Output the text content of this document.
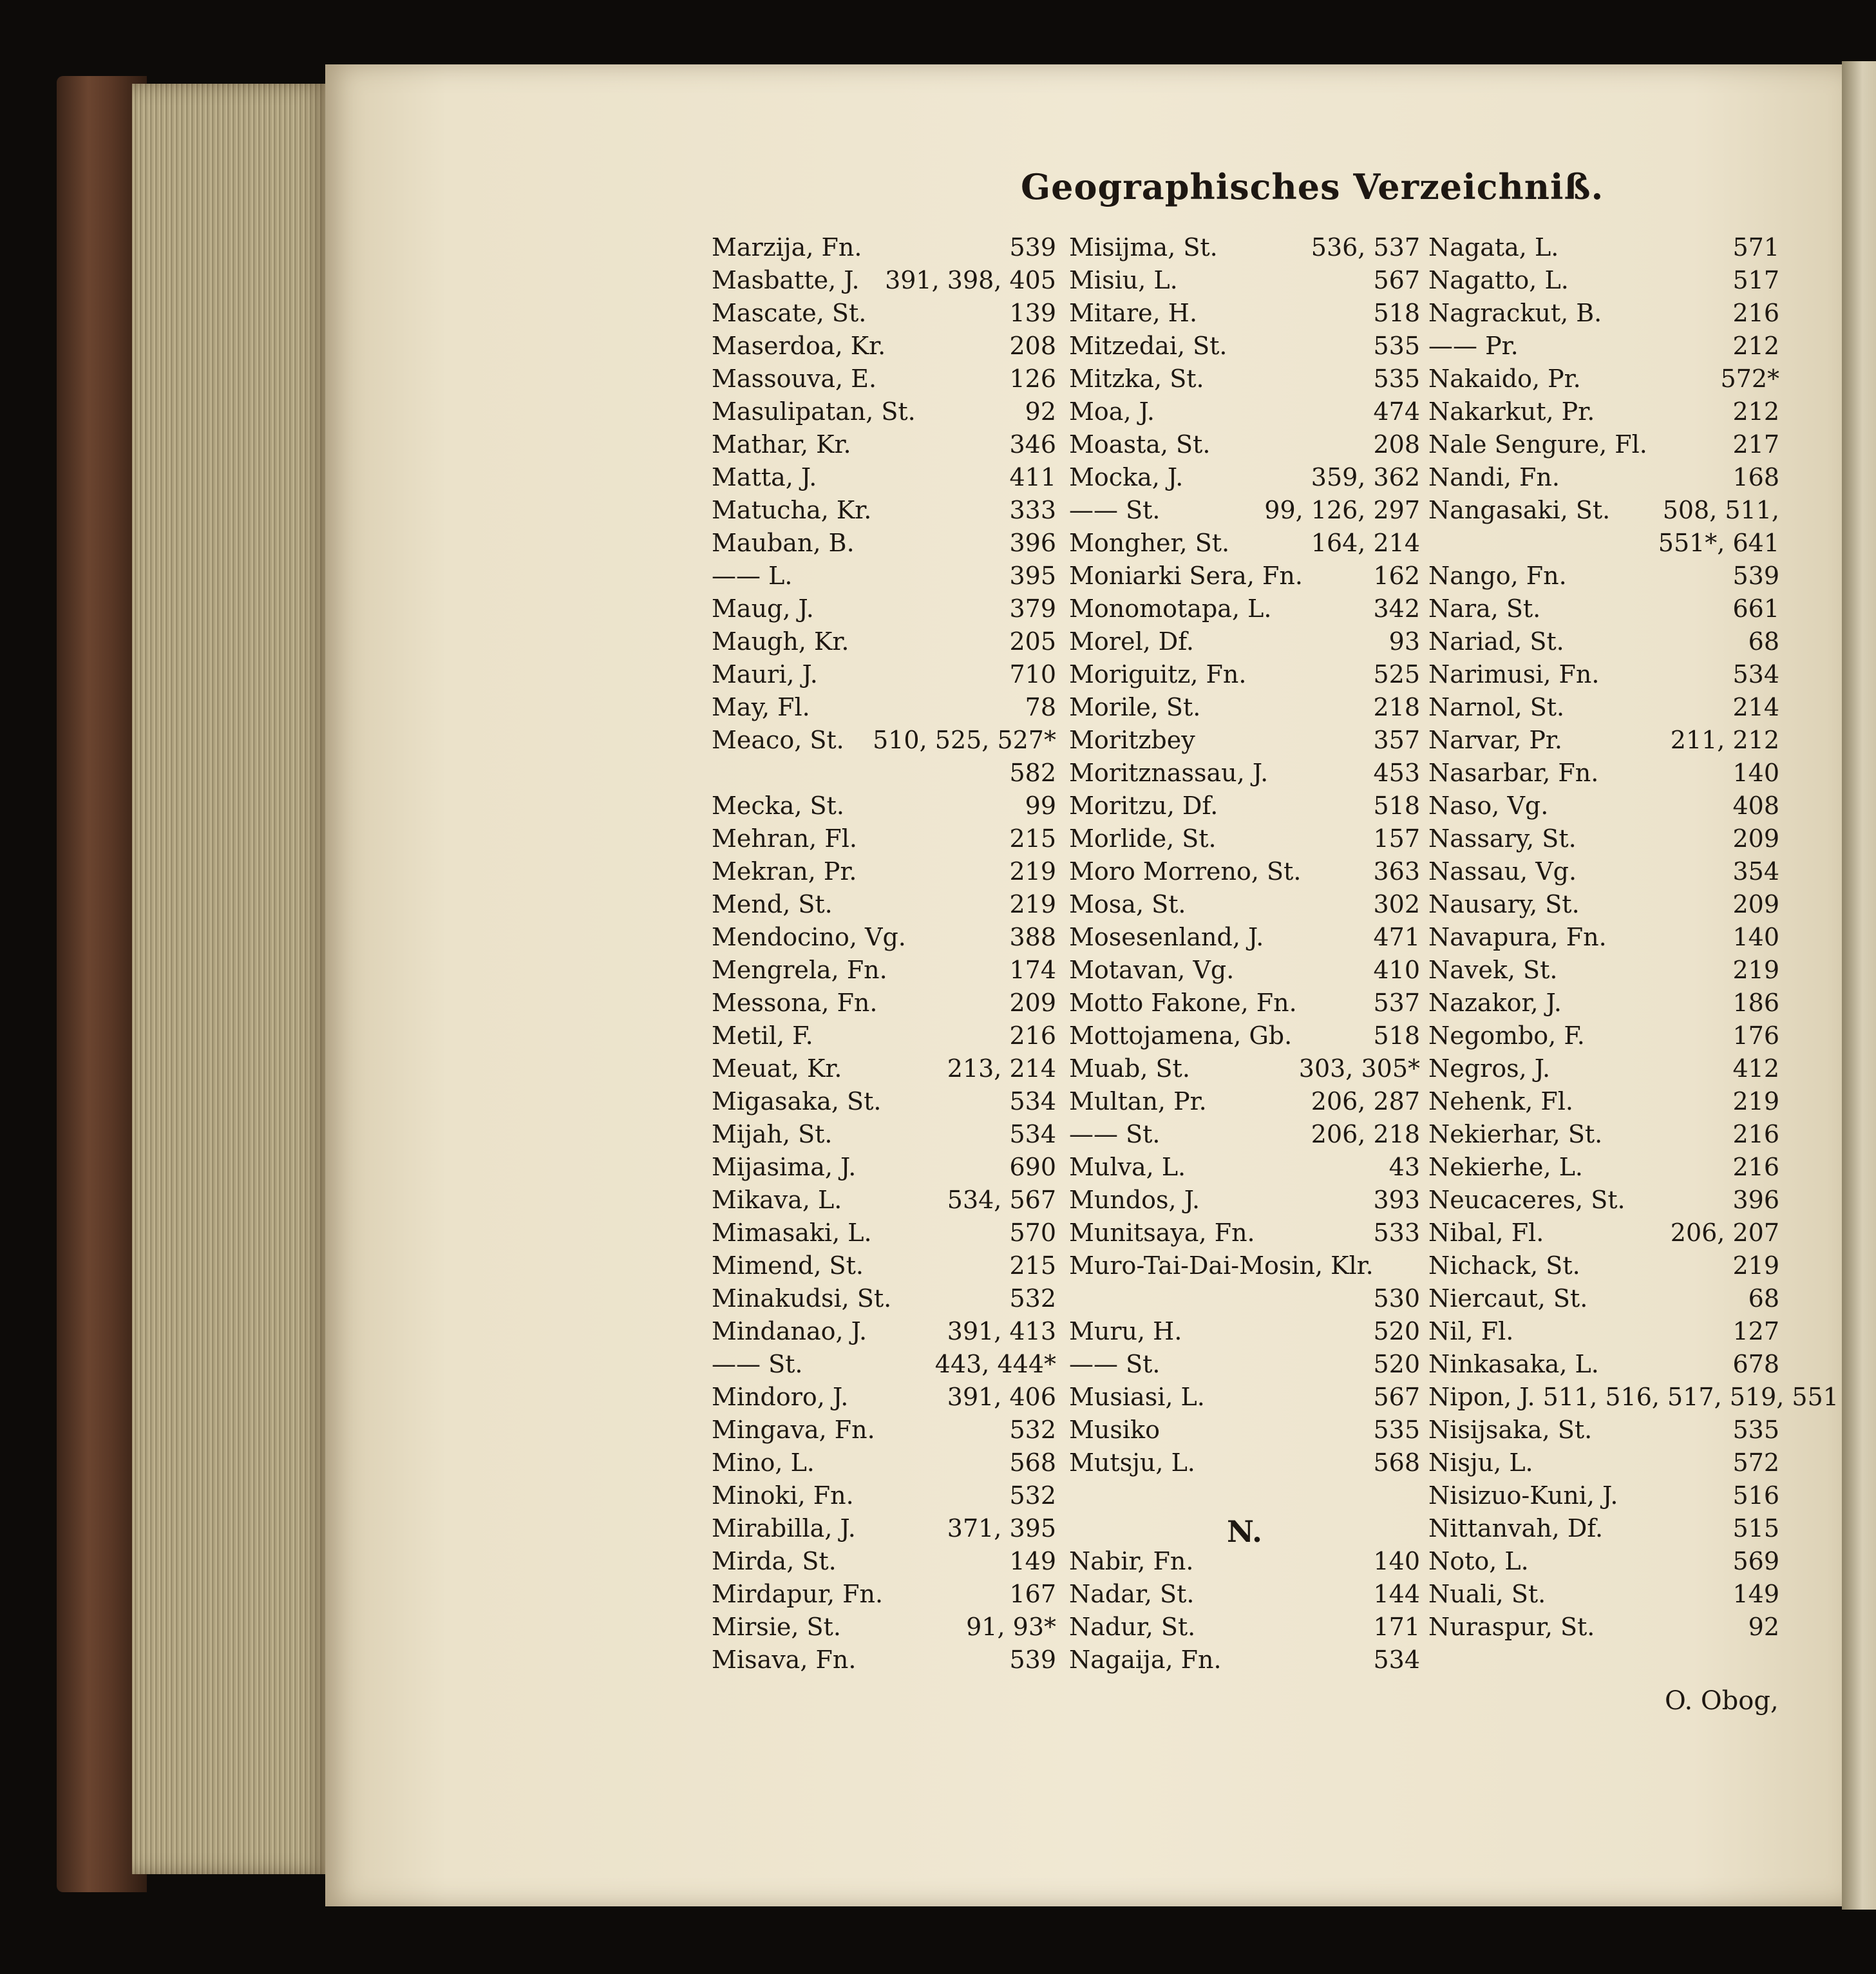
Geographisches Verzeichniß.
Marzija, Fn.	539
Masbatte, J. 391, 398, 405
Mascate, St.	139
Maserdoa, Kr.	208
Massouva, E.	126
Masulipatan, St.	92
Mathar, Kr.	346
Matta, J.	411
Matucha, Kr.	333
Mauban, B.	396
—— L.	395
Maug, J.	379
Maugh, Kr.	205
Mauri, J.	710
May, Fl.	78
Meaco, St. 510, 525, 527*
582
Mecka, St.	99
Mehran, Fl.	215
Mekran, Pr.	219
Mend, St.	219
Mendocino, Vg.	388
Mengrela, Fn.	174
Messona, Fn.	209
Metil, F.	216
Meuat, Kr.	213, 214
Migasaka, St.	534
Mijah, St.	534
Mijasima, J.	690
Mikava, L.	534, 567
Mimasaki, L.	570
Mimend, St.	215
Minakudsi, St.	532
Mindanao, J.	391, 413
—— St.	443, 444*
Mindoro, J.	391, 406
Mingava, Fn.	532
Mino, L.	568
Minoki, Fn.	532
Mirabilla, J.	371, 395
Mirda, St.	149
Mirdapur, Fn.	167
Mirsie, St.	91, 93*
Misava, Fn.	539
Misijma, St.	536, 537
Misiu, L.	567
Mitare, H.	518
Mitzedai, St.	535
Mitzka, St.	535
Moa, J.	474
Moasta, St.	208
Mocka, J.	359, 362
—— St.	99, 126, 297
Mongher, St.	164, 214
Moniarki Sera, Fn.	162
Monomotapa, L.	342
Morel, Df.	93
Moriguitz, Fn.	525
Morile, St.	218
Moritzbey	357
Moritznassau, J.	453
Moritzu, Df.	518
Morlide, St.	157
Moro Morreno, St.	363
Mosa, St.	302
Mosesenland, J.	471
Motavan, Vg.	410
Motto Fakone, Fn.	537
Mottojamena, Gb.	518
Muab, St.	303, 305*
Multan, Pr.	206, 287
—— St.	206, 218
Mulva, L.	43
Mundos, J.	393
Munitsaya, Fn.	533
Muro-Tai-Dai-Mosin, Klr.
530
Muru, H.	520
—— St.	520
Musiasi, L.	567
Musiko	535
Mutsju, L.	568
N.
Nabir, Fn.	140
Nadar, St.	144
Nadur, St.	171
Nagaija, Fn.	534
Nagata, L.	571
Nagatto, L.	517
Nagrackut, B.	216
—— Pr.	212
Nakaido, Pr.	572*
Nakarkut, Pr.	212
Nale Sengure, Fl.	217
Nandi, Fn.	168
Nangasaki, St. 508, 511,
551*, 641
Nango, Fn.	539
Nara, St.	661
Nariad, St.	68
Narimusi, Fn.	534
Narnol, St.	214
Narvar, Pr.	211, 212
Nasarbar, Fn.	140
Naso, Vg.	408
Nassary, St.	209
Nassau, Vg.	354
Nausary, St.	209
Navapura, Fn.	140
Navek, St.	219
Nazakor, J.	186
Negombo, F.	176
Negros, J.	412
Nehenk, Fl.	219
Nekierhar, St.	216
Nekierhe, L.	216
Neucaceres, St.	396
Nibal, Fl.	206, 207
Nichack, St.	219
Niercaut, St.	68
Nil, Fl.	127
Ninkasaka, L.	678
Nipon, J. 511, 516, 517, 519, 551
Nisijsaka, St.	535
Nisju, L.	572
Nisizuo-Kuni, J.	516
Nittanvah, Df.	515
Noto, L.	569
Nuali, St.	149
Nuraspur, St.	92
O. Obog,
